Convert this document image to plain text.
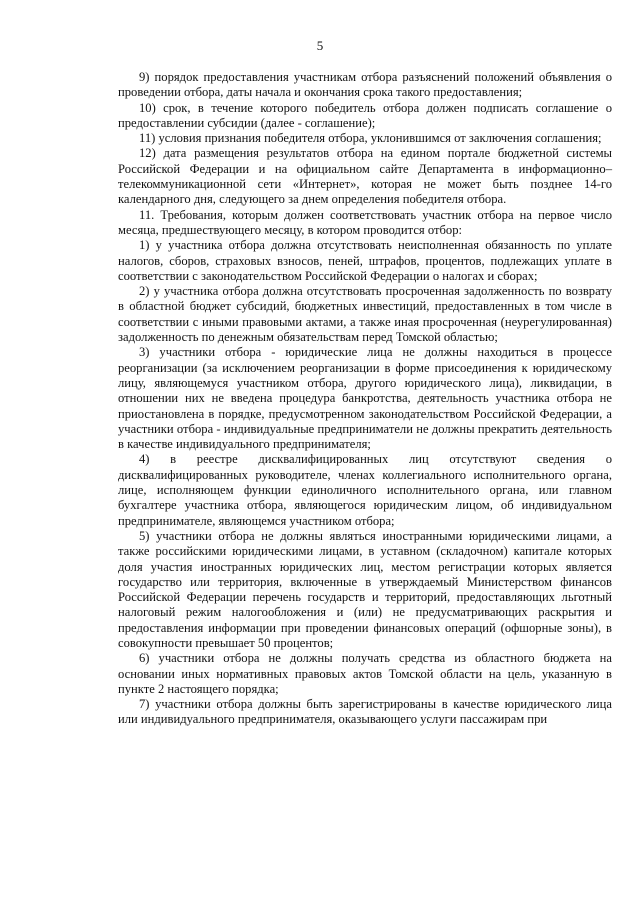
5

9) порядок предоставления участникам отбора разъяснений положений объявления о проведении отбора, даты начала и окончания срока такого предоставления;

10) срок, в течение которого победитель отбора должен подписать соглашение о предоставлении субсидии (далее - соглашение);

11) условия признания победителя отбора, уклонившимся от заключения соглашения;

12) дата размещения результатов отбора на едином портале бюджетной системы Российской Федерации и на официальном сайте Департамента в информационно–телекоммуникационной сети «Интернет», которая не может быть позднее 14-го календарного дня, следующего за днем определения победителя отбора.

11. Требования, которым должен соответствовать участник отбора на первое число месяца, предшествующего месяцу, в котором проводится отбор:

1) у участника отбора должна отсутствовать неисполненная обязанность по уплате налогов, сборов, страховых взносов, пеней, штрафов, процентов, подлежащих уплате в соответствии с законодательством Российской Федерации о налогах и сборах;

2) у участника отбора должна отсутствовать просроченная задолженность по возврату в областной бюджет субсидий, бюджетных инвестиций, предоставленных в том числе в соответствии с иными правовыми актами, а также иная просроченная (неурегулированная) задолженность по денежным обязательствам перед Томской областью;

3) участники отбора - юридические лица не должны находиться в процессе реорганизации (за исключением реорганизации в форме присоединения к юридическому лицу, являющемуся участником отбора, другого юридического лица), ликвидации, в отношении них не введена процедура банкротства, деятельность участника отбора не приостановлена в порядке, предусмотренном законодательством Российской Федерации, а участники отбора - индивидуальные предприниматели не должны прекратить деятельность в качестве индивидуального предпринимателя;

4) в реестре дисквалифицированных лиц отсутствуют сведения о дисквалифицированных руководителе, членах коллегиального исполнительного органа, лице, исполняющем функции единоличного исполнительного органа, или главном бухгалтере участника отбора, являющегося юридическим лицом, об индивидуальном предпринимателе, являющемся участником отбора;

5) участники отбора не должны являться иностранными юридическими лицами, а также российскими юридическими лицами, в уставном (складочном) капитале которых доля участия иностранных юридических лиц, местом регистрации которых является государство или территория, включенные в утверждаемый Министерством финансов Российской Федерации перечень государств и территорий, предоставляющих льготный налоговый режим налогообложения и (или) не предусматривающих раскрытия и предоставления информации при проведении финансовых операций (офшорные зоны), в совокупности превышает 50 процентов;

6) участники отбора не должны получать средства из областного бюджета на основании иных нормативных правовых актов Томской области на цель, указанную в пункте 2 настоящего порядка;

7) участники отбора должны быть зарегистрированы в качестве юридического лица или индивидуального предпринимателя, оказывающего услуги пассажирам при
